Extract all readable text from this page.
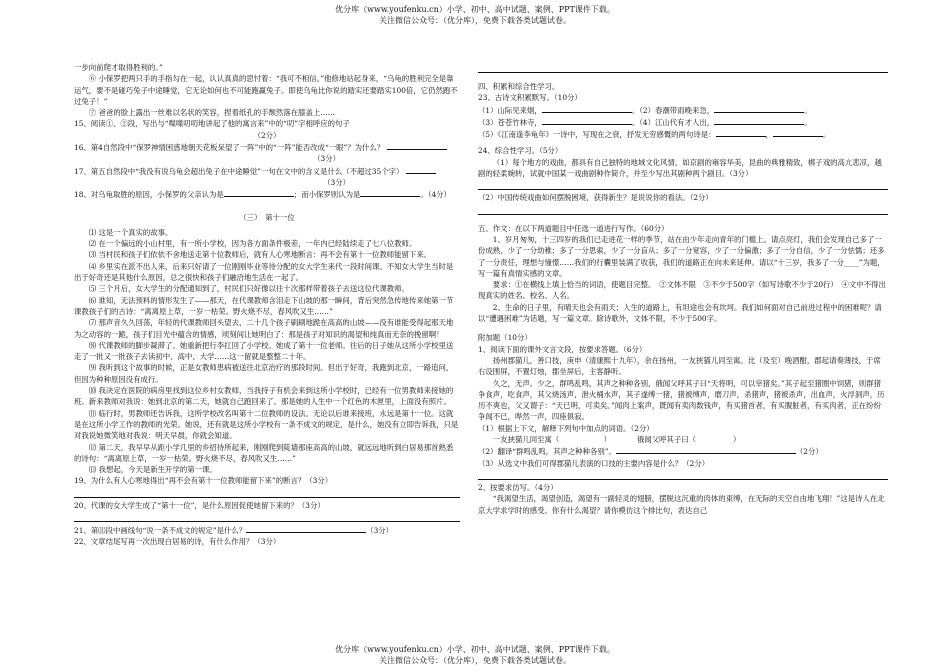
优分库（www.youfenku.cn）小学、初中、高中试题、案例、PPT课件下载。
关注微信公众号：（优分库），免费下载各类试题试卷。

一步向前爬才取得胜利的。”

⑥ 小保罗把两只手的手指勾在一起，认认真真的思忖着：“我可不相信。”他修地站起身来，“乌龟的胜利完全是靠运气，要不是碰巧兔子中途睡觉，它无论如何也不可能跑赢兔子。即使乌龟比你说的踏实还要踏实100倍，它仍然跑不过兔子！”

⑦ 爸爸的脸上露出一丝难以名状的笑容，捏着纸孔的手颓然落在膝盖上……

15、阅读①、②段，写出与“喋喋叨叨地讲起了他的寓言来”中的“叨”字相呼应的句子

（2分）

16、第4自然段中“保罗神情困惑地朝天花板呆望了一阵”中的“一阵”能否改成“一眼”？为什么？

（3分）

17、第五自然段中“我没有说乌龟会超出兔子在中途睡觉”一句在文中的含义是什么（不超过35个字）

（3分）

18、对乌龟取胜的原因，小保罗的父亲认为是	；而小保罗则认为是	。（4分）

（三）　第十一位

⑴ 这是一个真实的故事。

⑵ 在一个偏远的小山村里，有一所小学校，因为各方面条件极差，一年内已经陆续走了七八位教师。

⑶ 当村民和孩子们依依不舍地送走第十位教师后，就有人心寒地断言：再不会有第十一位教师能留下来。

⑷ 乡里实在派不出人来，后来只好请了一位刚刚毕业等待分配的女大学生来代一段时间课。不知女大学生当时是出于好奇还是其他什么原因，总之很快和孩子们融洽地生活在一起了。

⑸ 三个月后，女大学生的分配通知到了，村民们只好像以往十次那样带着孩子去送这位代课教师。

⑹ 谁知，无法预料的情形发生了——那天，在代课教师含泪走下山坡的那一瞬间，背后突然急传地传来她第一节课教孩子们的古诗：“离离原上草，一岁一枯荣。野火烧不尽，春风吹又生……”

⑺ 那声音久久回荡，年轻的代课教师回头望去，二十几个孩子刷刷地跪在高高的山坡——没有谁能受得起那天地为之动容的一跪，孩子们目光中蕴含的情感，顷刻间让她明白了：那是孩子对知识的渴望和纯真而无奈的挽留啊！

⑻ 代课教师的脚步凝滞了。她重新把行李扛回了小学校。她成了第十一位老师。往后的日子她从这所小学校里送走了一批又一批孩子去读初中、高中、大学……这一留就是整整二十年。

⑼ 我听到这个故事的时候，正是女教师患病被送往北京治疗的那段时间。但出于好奇，我跑到北京，一路追问，但因为种种原因没有成行。

⑽ 我决定在医院的病房里找到这位乡村女教师，当我持子有机会来到这所小学校时，已经有一位男教师来接她的班。新来教师对我说：她到北京的第二天，她就自己跑回来了。那是她的人生中一个红色的木匣里，上面没有照片。

⑾ 临行时，男教师还告诉我，这所学校改名叫第十二位教师的设法。无论以后谁来接班，永远是第十一位。这就是在这所小学工作的教师的光荣。她说，还有就是这所小学校有一条不成文的规定，是什么，她没有立即告诉我，只是对我说她微笑地对我说：明天早晨，你就会知道。

⑿ 第二天，我早早从距小学几里的乡招待所起来，刚刚爬到陡墙那座高高的山坡，就远远地听到白居易那首熟悉的诗句：“离离原上草，一岁一枯荣。野火烧不尽，春风吹又生……”

⒀ 我想起，今天是新生开学的第一课。

19、为什么有人心寒地得出“再不会有第十一位教师能留下来”的断言？（3分）

20、代课的女大学生成了“第十一位”，是什么原因促使她留下来的？（3分）

21、第⑾段中画线句“说一条不成文的规定”是什么？	（3分）

22、文章结尾写再一次出现白居易的诗，有什么作用？（3分）

四、积累和综合性学习。

23、古诗文积累默写。（10分）

（1）山际见来烟，	。（2）春潮带雨晚来急，	。

（3）苍苍竹林寺，	。（4）江山代有才人出，	。

（5）《江南逢李龟年》一诗中，写现在之衰，抒发无穷感慨的两句诗是：	，	。

24、综合性学习。（5分）

（1）每个地方的戏曲，都具有自己独特的地域文化风情，如京剧的雍容华美，昆曲的典雅精致，梆子戏的高亢悲凉，越剧的轻柔婉转，试就中国某一戏曲剧种作简介，并至少写出其剧种两个剧目。（3分）

（2）中国传统戏曲如何摆脱困境，获得新生？是说说你的看法。（2分）

五、作文：在以下两道题目中任选一道进行写作。（60分）

1、岁月匆匆，十三四岁的我们已走进花一样的季节，站在由少年走向青年的门槛上。请点亮灯，我们会发现自己多了一份成熟，少了一分幼稚；多了一分思索，少了一分盲从；多了一分宽容，少了一分偏激；多了一分自信，少了一分怯懦；还多了一分责任，理想与憧憬……我们的行囊里装满了收获，我们的道路正在向未来延伸。请以“十三岁，我多了一分____”为题，写一篇有真情实感的文章。

要求：①在横线上填上恰当的词语，使题目完整。　②文体不限　③不少于500字（如写诗歌不少于20行）　④文中不得出现真实的姓名、校名、人名。

2、生命的日子里，有晴天也会有雨天；人生的道路上，有坦途也会有坎坷。我们如何面对自己前进过程中的困难呢？请以“遭遇困难”为话题，写一篇文章。除诗歌外，文体不限，不少于500字。

附加题（10分）

1、阅读下面的课外文言文段，按要求答题。（6分）

扬州郡猫儿，善口技，庚申（清康熙十九年），余在扬州，一友挟猫儿同至寓。比（及至）晚酒酣，郡起请奏薄技，于席右设围屏，不置灯烛，郡坐屏后，主客静听。

久之，无声。少之，群鸣乱鸣，其声之种种各别，俄闻父呼其子曰“天将明，可以宰猪矣。”其子起至猪圈中饲猪，则群猪争食声，吃食声，其父烧汤声，泄火桶水声，其子遂缚一猪，猪被缚声，磨刀声，杀猪声，猪被杀声，出血声，火浮洞声，历历不爽也，父又谓子：“天已明，可卖矣。”闻肉上案声，既闻有卖肉数钱声，有买猪首者，有买腹脏者，有买肉者，正在纷纷争闻不已，哗然一声，四座俱寂。

（1）根据上下文，解释下列句中加点的词语。（2分）

一友挟猫儿同至寓（　　　　　　）　　　　俄闻父呼其子曰（　　　　　）

（2）翻译“群鸣乱鸣，其声之种种各别”。	（2分）

（3）从选文中我们可得郡猫儿表演的口技的主要内容是什么？（2分）

2、按要求仿写。（4分）

“我渴望生活，渴望创造，渴望有一副轻灵的翅膀，摆脱这沉重的肉体的束缚，在无际的天空自由地飞翔！”这是诗人在北京大学求学时的感受。你有什么渴望？请你模仿这个排比句，表达自己

优分库（www.youfenku.cn）小学、初中、高中试题、案例、PPT课件下载。
关注微信公众号：（优分库），免费下载各类试题试卷。
